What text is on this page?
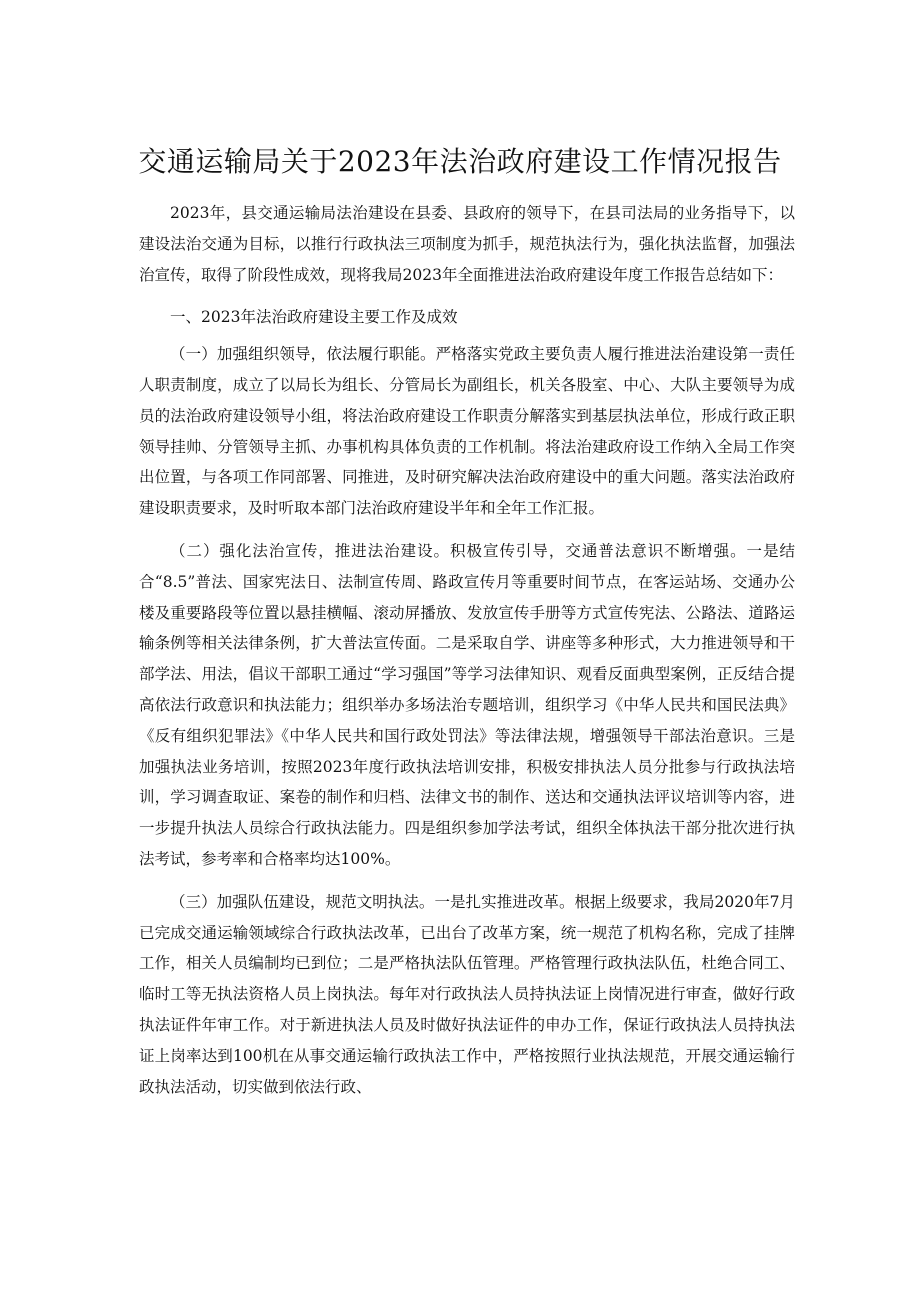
交通运输局关于2023年法治政府建设工作情况报告

2023年，县交通运输局法治建设在县委、县政府的领导下，在县司法局的业务指导下，以建设法治交通为目标，以推行行政执法三项制度为抓手，规范执法行为，强化执法监督，加强法治宣传，取得了阶段性成效，现将我局2023年全面推进法治政府建设年度工作报告总结如下：

一、2023年法治政府建设主要工作及成效

（一）加强组织领导，依法履行职能。严格落实党政主要负责人履行推进法治建设第一责任人职责制度，成立了以局长为组长、分管局长为副组长，机关各股室、中心、大队主要领导为成员的法治政府建设领导小组，将法治政府建设工作职责分解落实到基层执法单位，形成行政正职领导挂帅、分管领导主抓、办事机构具体负责的工作机制。将法治建政府设工作纳入全局工作突出位置，与各项工作同部署、同推进，及时研究解决法治政府建设中的重大问题。落实法治政府建设职责要求，及时听取本部门法治政府建设半年和全年工作汇报。

（二）强化法治宣传，推进法治建设。积极宣传引导，交通普法意识不断增强。一是结合“8.5”普法、国家宪法日、法制宣传周、路政宣传月等重要时间节点，在客运站场、交通办公楼及重要路段等位置以悬挂横幅、滚动屏播放、发放宣传手册等方式宣传宪法、公路法、道路运输条例等相关法律条例，扩大普法宣传面。二是采取自学、讲座等多种形式，大力推进领导和干部学法、用法，倡议干部职工通过“学习强国”等学习法律知识、观看反面典型案例，正反结合提高依法行政意识和执法能力；组织举办多场法治专题培训，组织学习《中华人民共和国民法典》《反有组织犯罪法》《中华人民共和国行政处罚法》等法律法规，增强领导干部法治意识。三是加强执法业务培训，按照2023年度行政执法培训安排，积极安排执法人员分批参与行政执法培训，学习调查取证、案卷的制作和归档、法律文书的制作、送达和交通执法评议培训等内容，进一步提升执法人员综合行政执法能力。四是组织参加学法考试，组织全体执法干部分批次进行执法考试，参考率和合格率均达100%。

（三）加强队伍建设，规范文明执法。一是扎实推进改革。根据上级要求，我局2020年7月已完成交通运输领域综合行政执法改革，已出台了改革方案，统一规范了机构名称，完成了挂牌工作，相关人员编制均已到位；二是严格执法队伍管理。严格管理行政执法队伍，杜绝合同工、临时工等无执法资格人员上岗执法。每年对行政执法人员持执法证上岗情况进行审查，做好行政执法证件年审工作。对于新进执法人员及时做好执法证件的申办工作，保证行政执法人员持执法证上岗率达到100机在从事交通运输行政执法工作中，严格按照行业执法规范，开展交通运输行政执法活动，切实做到依法行政、
